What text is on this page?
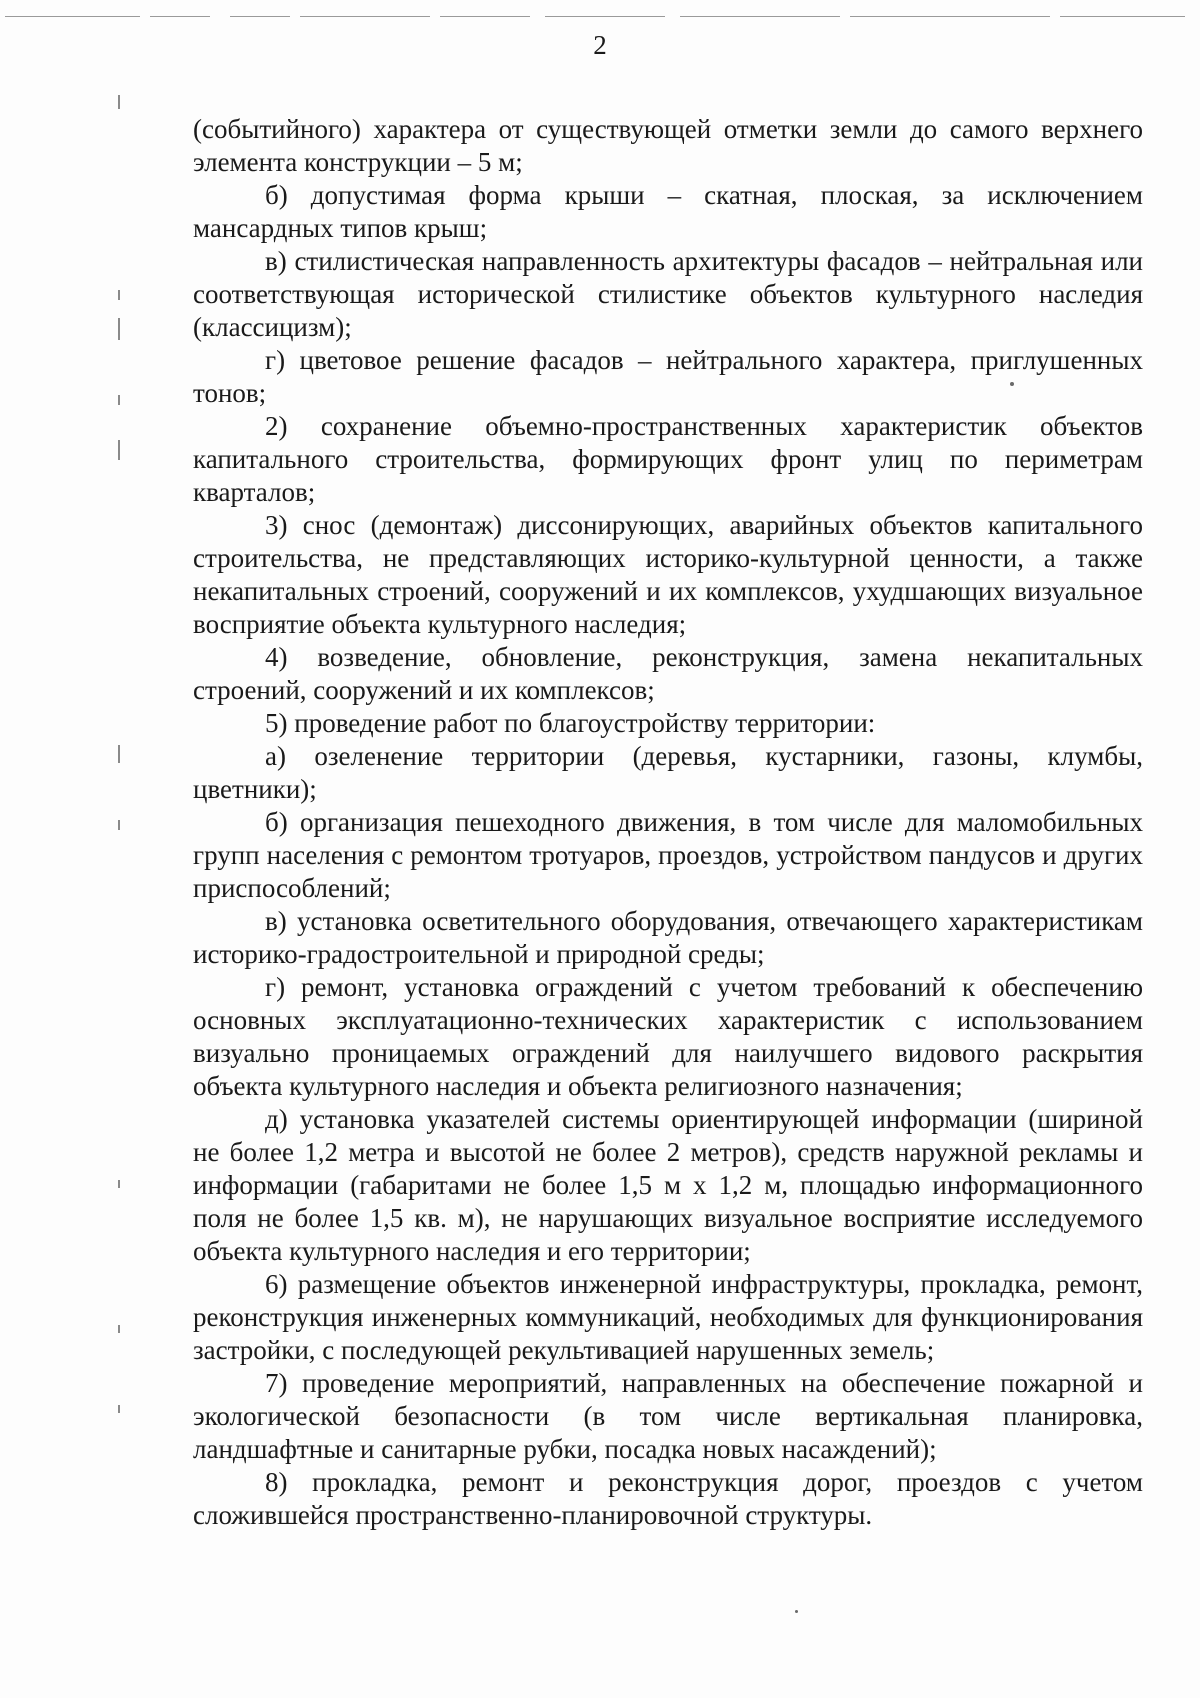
2

(событийного) характера от существующей отметки земли до самого верхнего элемента конструкции – 5 м;

б) допустимая форма крыши – скатная, плоская, за исключением мансардных типов крыш;

в) стилистическая направленность архитектуры фасадов – нейтральная или соответствующая исторической стилистике объектов культурного наследия (классицизм);

г) цветовое решение фасадов – нейтрального характера, приглушенных тонов;

2) сохранение объемно-пространственных характеристик объектов капитального строительства, формирующих фронт улиц по периметрам кварталов;

3) снос (демонтаж) диссонирующих, аварийных объектов капитального строительства, не представляющих историко-культурной ценности, а также некапитальных строений, сооружений и их комплексов, ухудшающих визуальное восприятие объекта культурного наследия;

4) возведение, обновление, реконструкция, замена некапитальных строений, сооружений и их комплексов;

5) проведение работ по благоустройству территории:

а) озеленение территории (деревья, кустарники, газоны, клумбы, цветники);

б) организация пешеходного движения, в том числе для маломобильных групп населения с ремонтом тротуаров, проездов, устройством пандусов и других приспособлений;

в) установка осветительного оборудования, отвечающего характеристикам историко-градостроительной и природной среды;

г) ремонт, установка ограждений с учетом требований к обеспечению основных эксплуатационно-технических характеристик с использованием визуально проницаемых ограждений для наилучшего видового раскрытия объекта культурного наследия и объекта религиозного назначения;

д) установка указателей системы ориентирующей информации (шириной не более 1,2 метра и высотой не более 2 метров), средств наружной рекламы и информации (габаритами не более 1,5 м х 1,2 м, площадью информационного поля не более 1,5 кв. м), не нарушающих визуальное восприятие исследуемого объекта культурного наследия и его территории;

6) размещение объектов инженерной инфраструктуры, прокладка, ремонт, реконструкция инженерных коммуникаций, необходимых для функционирования застройки, с последующей рекультивацией нарушенных земель;

7) проведение мероприятий, направленных на обеспечение пожарной и экологической безопасности (в том числе вертикальная планировка, ландшафтные и санитарные рубки, посадка новых насаждений);

8) прокладка, ремонт и реконструкция дорог, проездов с учетом сложившейся пространственно-планировочной структуры.
